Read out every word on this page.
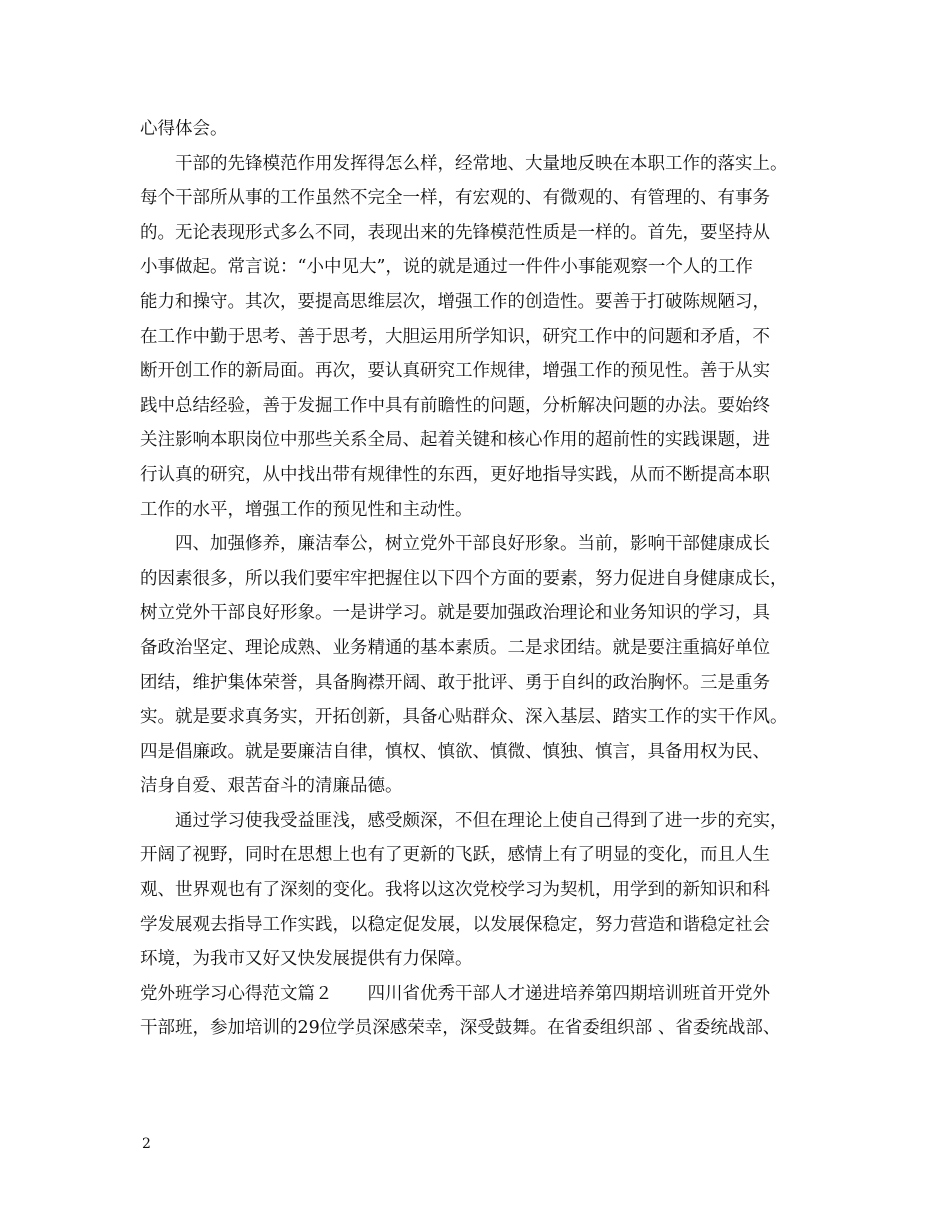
心得体会。
干部的先锋模范作用发挥得怎么样，经常地、大量地反映在本职工作的落实上。
每个干部所从事的工作虽然不完全一样，有宏观的、有微观的、有管理的、有事务
的。无论表现形式多么不同，表现出来的先锋模范性质是一样的。首先，要坚持从
小事做起。常言说：“小中见大”，说的就是通过一件件小事能观察一个人的工作
能力和操守。其次，要提高思维层次，增强工作的创造性。要善于打破陈规陋习，
在工作中勤于思考、善于思考，大胆运用所学知识，研究工作中的问题和矛盾，不
断开创工作的新局面。再次，要认真研究工作规律，增强工作的预见性。善于从实
践中总结经验，善于发掘工作中具有前瞻性的问题，分析解决问题的办法。要始终
关注影响本职岗位中那些关系全局、起着关键和核心作用的超前性的实践课题，进
行认真的研究，从中找出带有规律性的东西，更好地指导实践，从而不断提高本职
工作的水平，增强工作的预见性和主动性。
四、加强修养，廉洁奉公，树立党外干部良好形象。当前，影响干部健康成长
的因素很多，所以我们要牢牢把握住以下四个方面的要素，努力促进自身健康成长，
树立党外干部良好形象。一是讲学习。就是要加强政治理论和业务知识的学习，具
备政治坚定、理论成熟、业务精通的基本素质。二是求团结。就是要注重搞好单位
团结，维护集体荣誉，具备胸襟开阔、敢于批评、勇于自纠的政治胸怀。三是重务
实。就是要求真务实，开拓创新，具备心贴群众、深入基层、踏实工作的实干作风。
四是倡廉政。就是要廉洁自律，慎权、慎欲、慎微、慎独、慎言，具备用权为民、
洁身自爱、艰苦奋斗的清廉品德。
通过学习使我受益匪浅，感受颇深，不但在理论上使自己得到了进一步的充实，
开阔了视野，同时在思想上也有了更新的飞跃，感情上有了明显的变化，而且人生
观、世界观也有了深刻的变化。我将以这次党校学习为契机，用学到的新知识和科
学发展观去指导工作实践，以稳定促发展，以发展保稳定，努力营造和谐稳定社会
环境，为我市又好又快发展提供有力保障。
党外班学习心得范文篇２　　四川省优秀干部人才递进培养第四期培训班首开党外
干部班，参加培训的29位学员深感荣幸，深受鼓舞。在省委组织部 、省委统战部、
2
